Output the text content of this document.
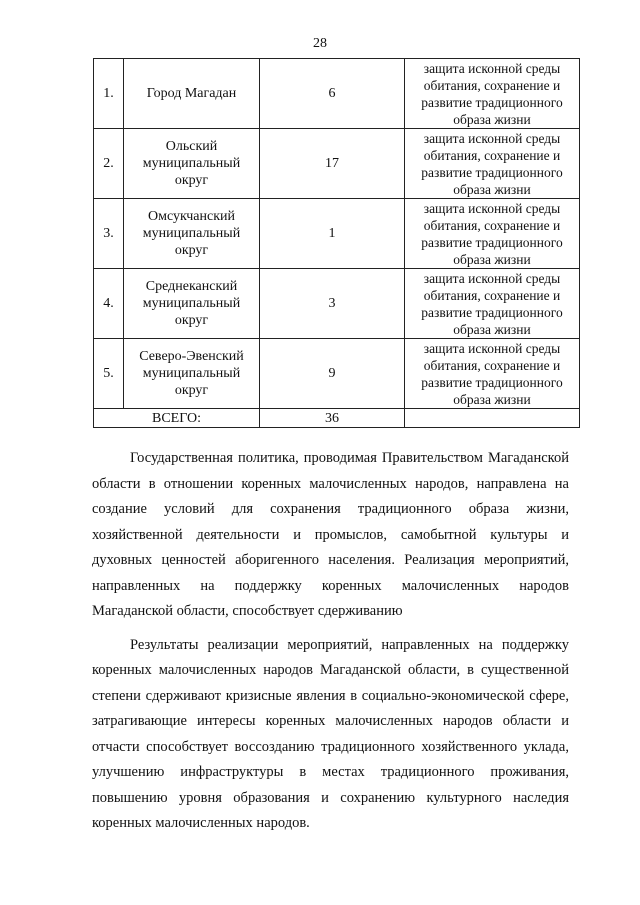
28
1.	Город Магадан	6	защита исконной среды обитания, сохранение и развитие традиционного образа жизни
2.	Ольский муниципальный округ	17	защита исконной среды обитания, сохранение и развитие традиционного образа жизни
3.	Омсукчанский муниципальный округ	1	защита исконной среды обитания, сохранение и развитие традиционного образа жизни
4.	Среднеканский муниципальный округ	3	защита исконной среды обитания, сохранение и развитие традиционного образа жизни
5.	Северо-Эвенский муниципальный округ	9	защита исконной среды обитания, сохранение и развитие традиционного образа жизни
ВСЕГО:		36	

Государственная политика, проводимая Правительством Магаданской области в отношении коренных малочисленных народов, направлена на создание условий для сохранения традиционного образа жизни, хозяйственной деятельности и промыслов, самобытной культуры и духовных ценностей аборигенного населения. Реализация мероприятий, направленных на поддержку коренных малочисленных народов Магаданской области, способствует сдерживанию

Результаты реализации мероприятий, направленных на поддержку коренных малочисленных народов Магаданской области, в существенной степени сдерживают кризисные явления в социально-экономической сфере, затрагивающие интересы коренных малочисленных народов области и отчасти способствует воссозданию традиционного хозяйственного уклада, улучшению инфраструктуры в местах традиционного проживания, повышению уровня образования и сохранению культурного наследия коренных малочисленных народов.
